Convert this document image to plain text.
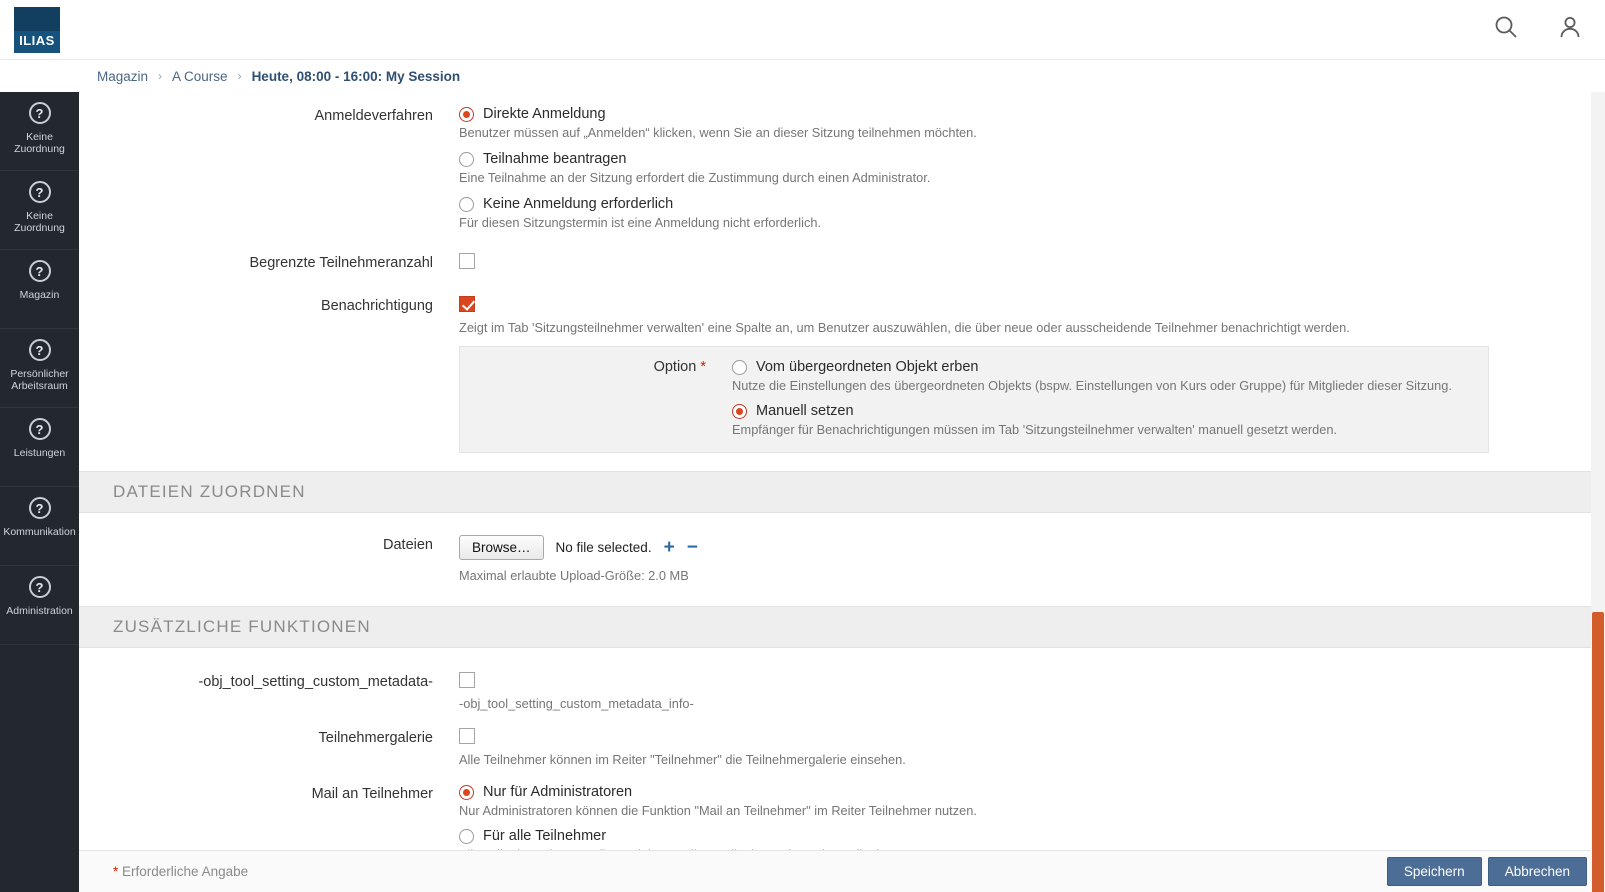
ILIAS
Magazin › A Course › Heute, 08:00 - 16:00: My Session
?
Keine Zuordnung
?
Keine Zuordnung
?
Magazin
?
Persönlicher Arbeitsraum
?
Leistungen
?
Kommunikation
?
Administration
Anmeldeverfahren	Direkte Anmeldung
Benutzer müssen auf „Anmelden“ klicken, wenn Sie an dieser Sitzung teilnehmen möchten.
Teilnahme beantragen
Eine Teilnahme an der Sitzung erfordert die Zustimmung durch einen Administrator.
Keine Anmeldung erforderlich
Für diesen Sitzungstermin ist eine Anmeldung nicht erforderlich.
Begrenzte Teilnehmeranzahl
Benachrichtigung
Zeigt im Tab 'Sitzungsteilnehmer verwalten' eine Spalte an, um Benutzer auszuwählen, die über neue oder ausscheidende Teilnehmer benachrichtigt werden.
Option *	Vom übergeordneten Objekt erben
Nutze die Einstellungen des übergeordneten Objekts (bspw. Einstellungen von Kurs oder Gruppe) für Mitglieder dieser Sitzung.
Manuell setzen
Empfänger für Benachrichtigungen müssen im Tab 'Sitzungsteilnehmer verwalten' manuell gesetzt werden.
DATEIEN ZUORDNEN
Dateien	Browse…	No file selected. + −
Maximal erlaubte Upload-Größe: 2.0 MB
ZUSÄTZLICHE FUNKTIONEN
-obj_tool_setting_custom_metadata-
-obj_tool_setting_custom_metadata_info-
Teilnehmergalerie
Alle Teilnehmer können im Reiter "Teilnehmer" die Teilnehmergalerie einsehen.
Mail an Teilnehmer	Nur für Administratoren
Nur Administratoren können die Funktion "Mail an Teilnehmer" im Reiter Teilnehmer nutzen.
Für alle Teilnehmer
* Erforderliche Angabe	Speichern	Abbrechen
